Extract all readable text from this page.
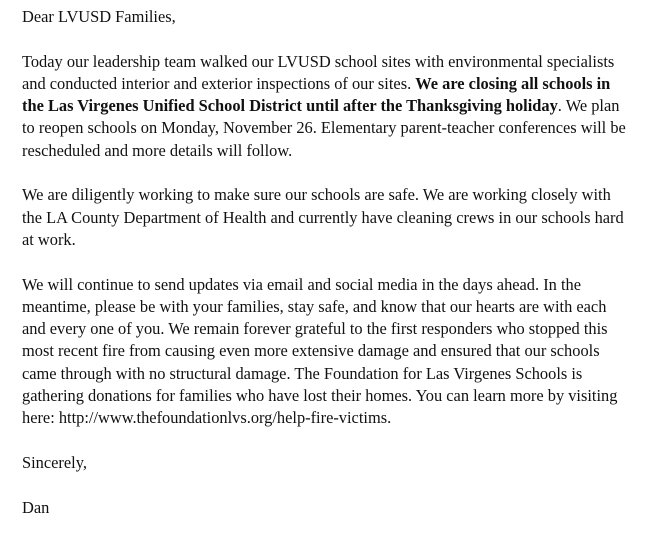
Dear LVUSD Families,

Today our leadership team walked our LVUSD school sites with environmental specialists and conducted interior and exterior inspections of our sites. We are closing all schools in the Las Virgenes Unified School District until after the Thanksgiving holiday. We plan to reopen schools on Monday, November 26. Elementary parent-teacher conferences will be rescheduled and more details will follow.

We are diligently working to make sure our schools are safe. We are working closely with the LA County Department of Health and currently have cleaning crews in our schools hard at work.

We will continue to send updates via email and social media in the days ahead. In the meantime, please be with your families, stay safe, and know that our hearts are with each and every one of you. We remain forever grateful to the first responders who stopped this most recent fire from causing even more extensive damage and ensured that our schools came through with no structural damage. The Foundation for Las Virgenes Schools is gathering donations for families who have lost their homes. You can learn more by visiting here: http://www.thefoundationlvs.org/help-fire-victims.

Sincerely,

Dan
